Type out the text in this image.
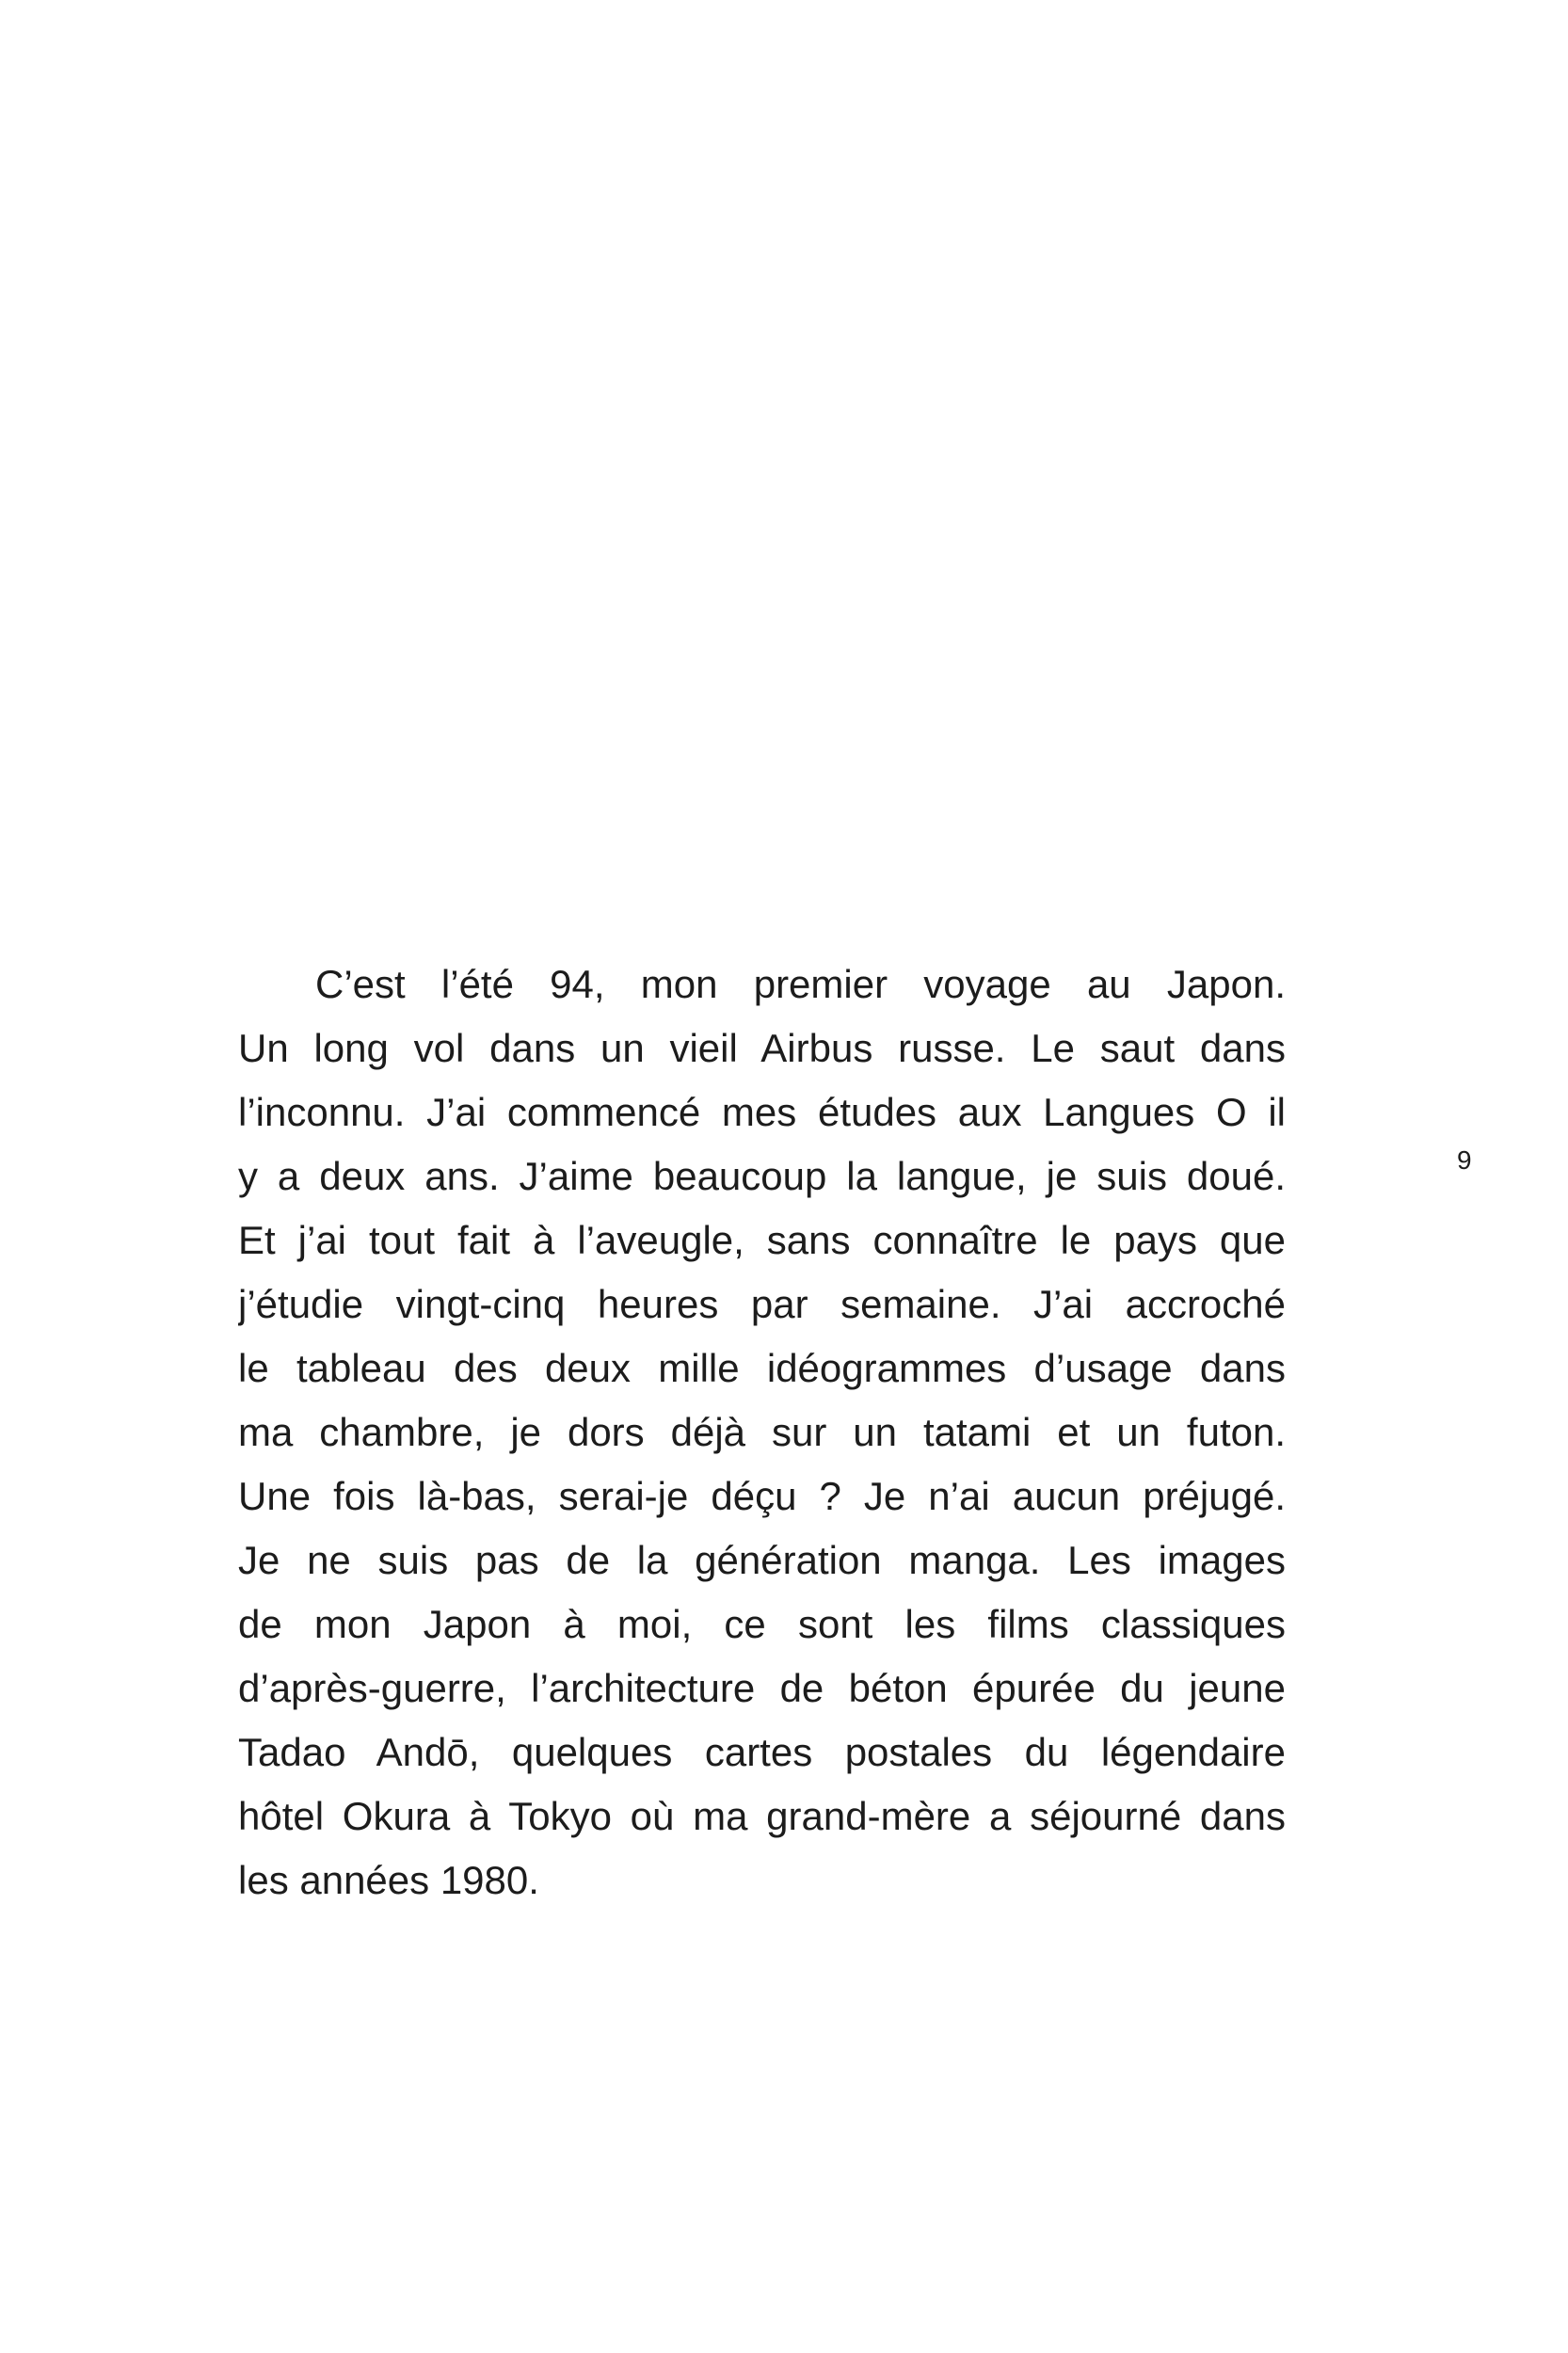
C’est l’été 94, mon premier voyage au Japon.
Un long vol dans un vieil Airbus russe. Le saut dans
l’inconnu. J’ai commencé mes études aux Langues O il
y a deux ans. J’aime beaucoup la langue, je suis doué.
Et j’ai tout fait à l’aveugle, sans connaître le pays que
j’étudie vingt-cinq heures par semaine. J’ai accroché
le tableau des deux mille idéogrammes d’usage dans
ma chambre, je dors déjà sur un tatami et un futon.
Une fois là-bas, serai-je déçu ? Je n’ai aucun préjugé.
Je ne suis pas de la génération manga. Les images
de mon Japon à moi, ce sont les films classiques
d’après-guerre, l’architecture de béton épurée du jeune
Tadao Andō, quelques cartes postales du légendaire
hôtel Okura à Tokyo où ma grand-mère a séjourné dans
les années 1980.
9
